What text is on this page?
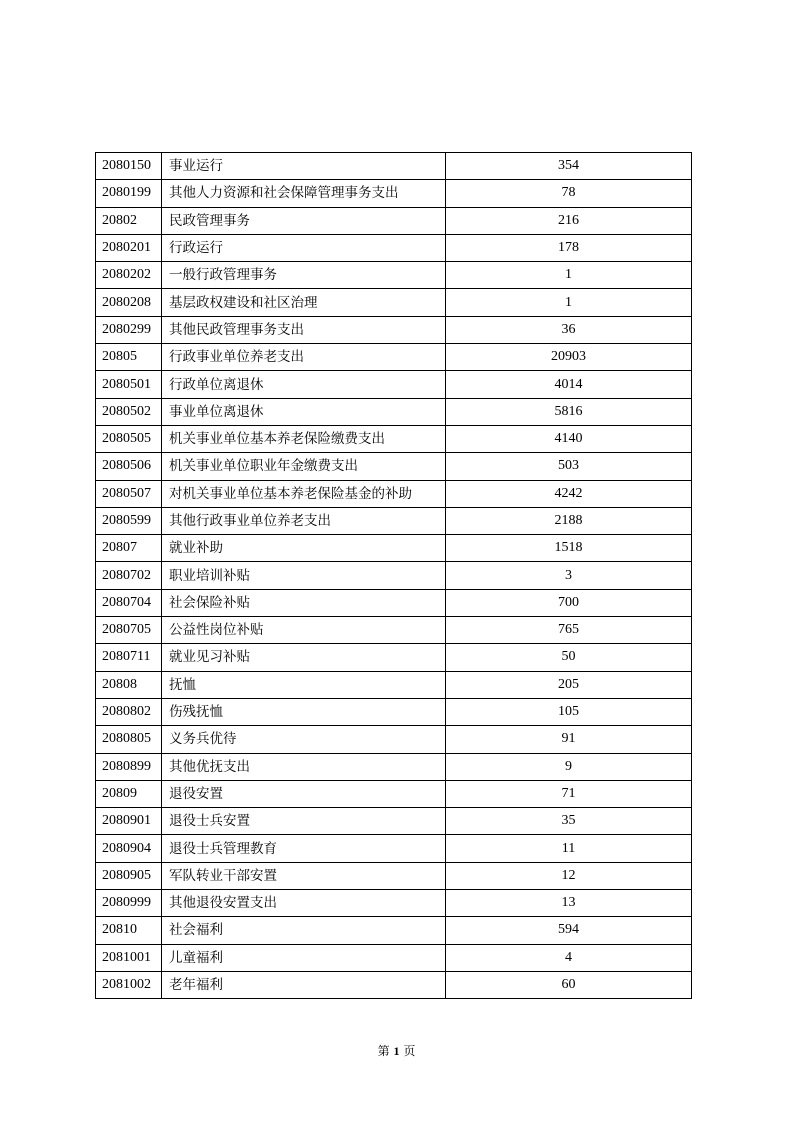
2080150	事业运行	354
2080199	其他人力资源和社会保障管理事务支出	78
20802	民政管理事务	216
2080201	行政运行	178
2080202	一般行政管理事务	1
2080208	基层政权建设和社区治理	1
2080299	其他民政管理事务支出	36
20805	行政事业单位养老支出	20903
2080501	行政单位离退休	4014
2080502	事业单位离退休	5816
2080505	机关事业单位基本养老保险缴费支出	4140
2080506	机关事业单位职业年金缴费支出	503
2080507	对机关事业单位基本养老保险基金的补助	4242
2080599	其他行政事业单位养老支出	2188
20807	就业补助	1518
2080702	职业培训补贴	3
2080704	社会保险补贴	700
2080705	公益性岗位补贴	765
2080711	就业见习补贴	50
20808	抚恤	205
2080802	伤残抚恤	105
2080805	义务兵优待	91
2080899	其他优抚支出	9
20809	退役安置	71
2080901	退役士兵安置	35
2080904	退役士兵管理教育	11
2080905	军队转业干部安置	12
2080999	其他退役安置支出	13
20810	社会福利	594
2081001	儿童福利	4
2081002	老年福利	60
第 1 页
